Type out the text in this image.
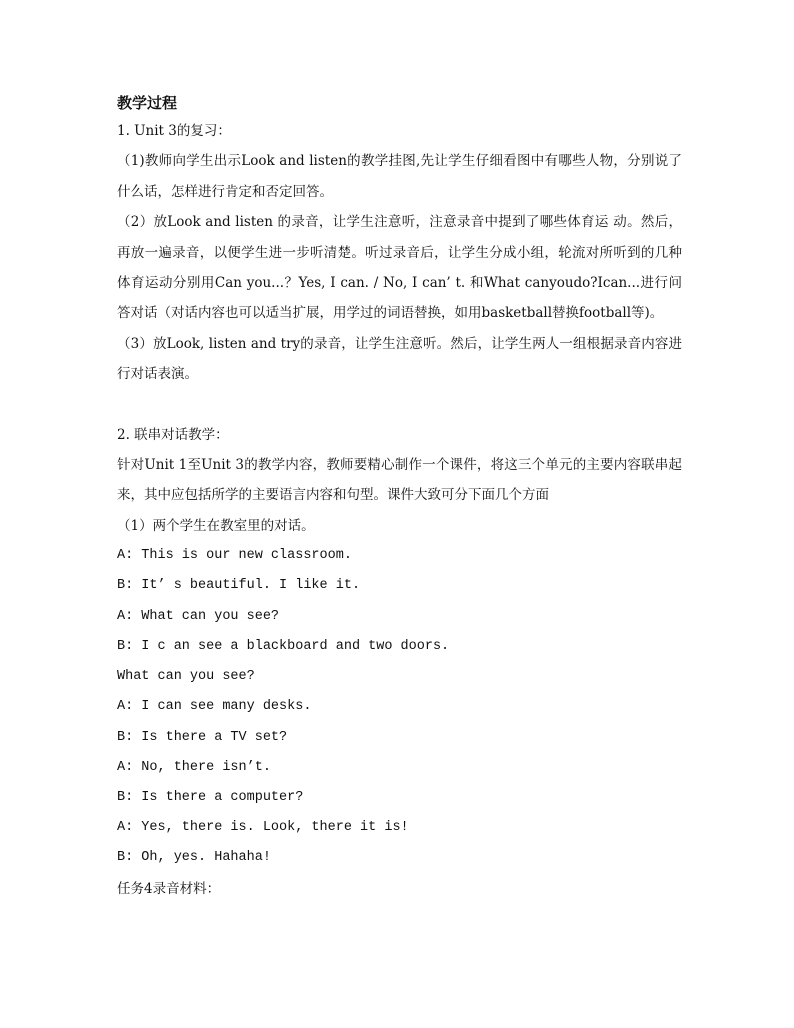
教学过程

1. Unit 3的复习：

（1)教师向学生出示Look and listen的教学挂图,先让学生仔细看图中有哪些人物，分别说了什么话，怎样进行肯定和否定回答。

（2）放Look and listen 的录音，让学生注意听，注意录音中提到了哪些体育运 动。然后，再放一遍录音，以便学生进一步听清楚。听过录音后，让学生分成小组，轮流对所听到的几种体育运动分别用Can you...？Yes, I can. / No, I can’ t. 和What canyoudo?Ican...进行问答对话（对话内容也可以适当扩展，用学过的词语替换，如用basketball替换football等)。

（3）放Look, listen and try的录音，让学生注意听。然后，让学生两人一组根据录音内容进行对话表演。

2. 联串对话教学：

针对Unit 1至Unit 3的教学内容，教师要精心制作一个课件，将这三个单元的主要内容联串起来，其中应包括所学的主要语言内容和句型。课件大致可分下面几个方面

（1）两个学生在教室里的对话。

A: This is our new classroom.

B: It’ s beautiful. I like it.

A: What can you see?

B: I c an see a blackboard and two doors.

What can you see?

A: I can see many desks.

B: Is there a TV set?

A: No, there isn’t.

B: Is there a computer?

A: Yes, there is. Look, there it is!

B: Oh, yes. Hahaha!

任务4录音材料：
